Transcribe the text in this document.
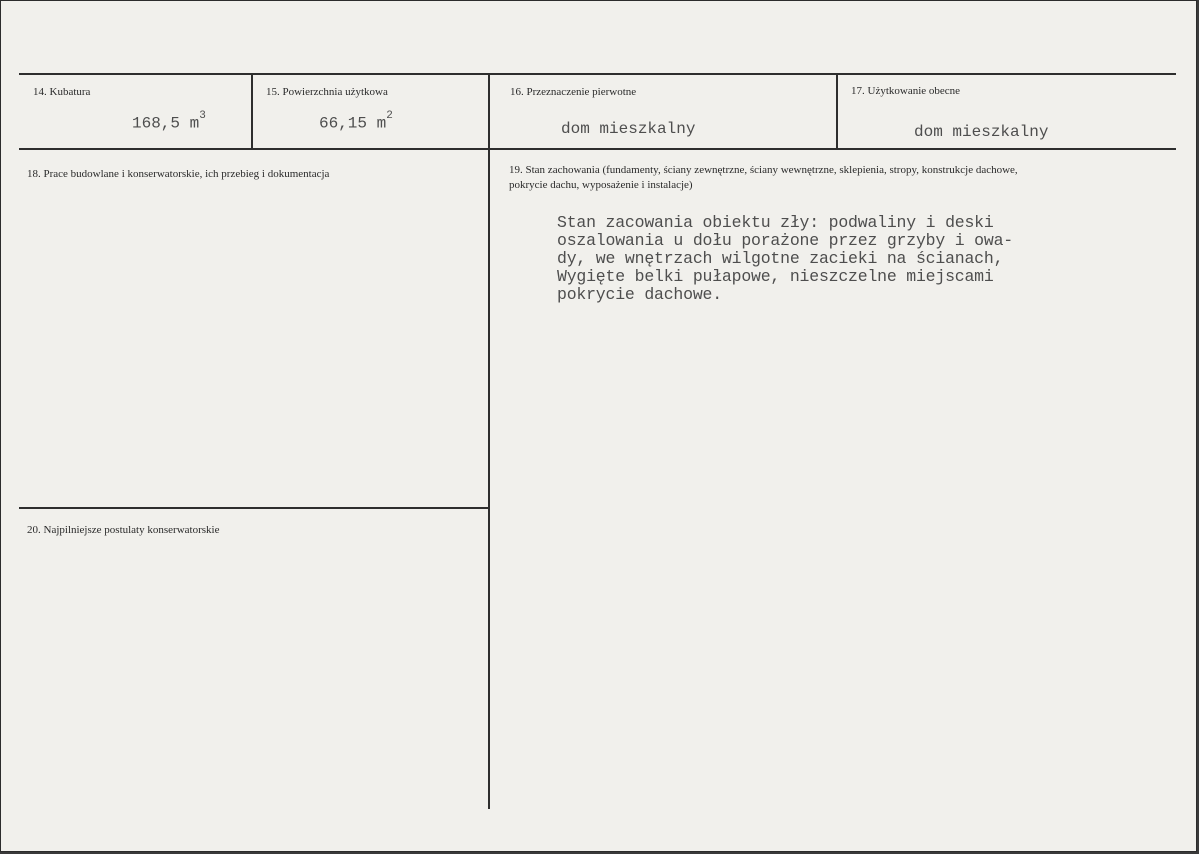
14. Kubatura
168,5 $m^3$
15. Powierzchnia użytkowa
66,15 $m^2$
16. Przeznaczenie pierwotne
dom mieszkalny
17. Użytkowanie obecne
dom mieszkalny
18. Prace budowlane i konserwatorskie, ich przebieg i dokumentacja	19. Stan zachowania (fundamenty, ściany zewnętrzne, ściany wewnętrzne, sklepienia, stropy, konstrukcje dachowe, pokrycie dachu, wyposażenie i instalacje)
Stan zacowania obiektu zły: podwaliny i deski
oszalowania u dołu porażone przez grzyby i owa-
dy, we wnętrzach wilgotne zacieki na ścianach,
Wygięte belki pułapowe, nieszczelne miejscami
pokrycie dachowe.
20. Najpilniejsze postulaty konserwatorskie
